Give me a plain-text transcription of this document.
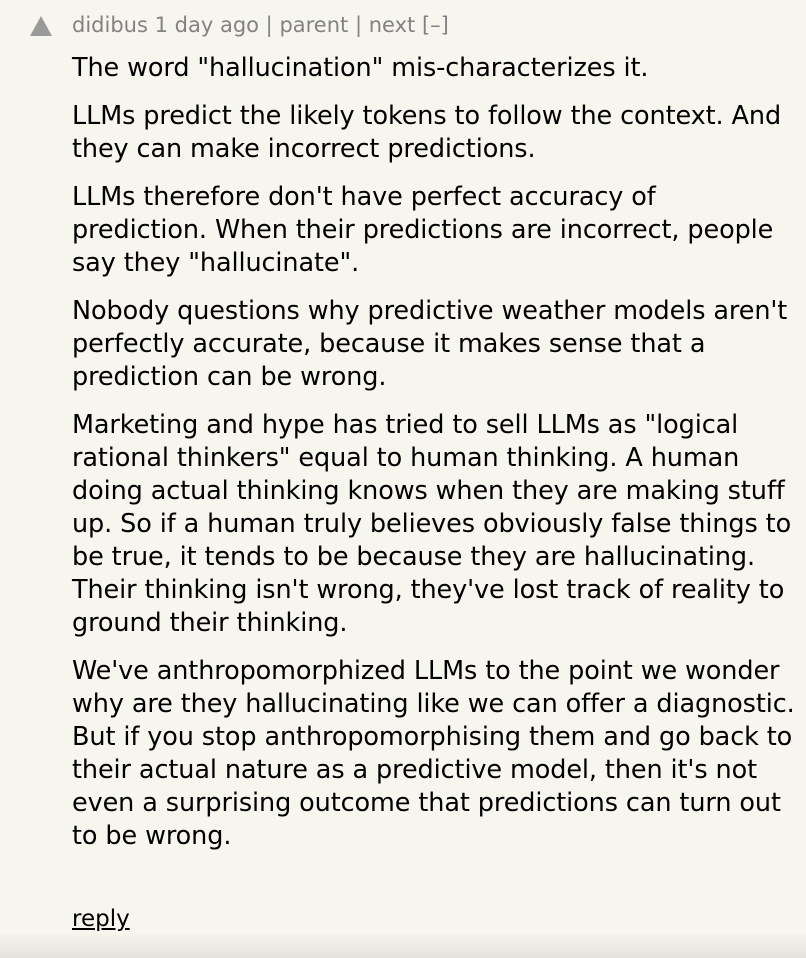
didibus 1 day ago | parent | next [–]

The word "hallucination" mis-characterizes it.

LLMs predict the likely tokens to follow the context. And they can make incorrect predictions.

LLMs therefore don't have perfect accuracy of prediction. When their predictions are incorrect, people say they "hallucinate".

Nobody questions why predictive weather models aren't perfectly accurate, because it makes sense that a prediction can be wrong.

Marketing and hype has tried to sell LLMs as "logical rational thinkers" equal to human thinking. A human doing actual thinking knows when they are making stuff up. So if a human truly believes obviously false things to be true, it tends to be because they are hallucinating. Their thinking isn't wrong, they've lost track of reality to ground their thinking.

We've anthropomorphized LLMs to the point we wonder why are they hallucinating like we can offer a diagnostic. But if you stop anthropomorphising them and go back to their actual nature as a predictive model, then it's not even a surprising outcome that predictions can turn out to be wrong.

reply
